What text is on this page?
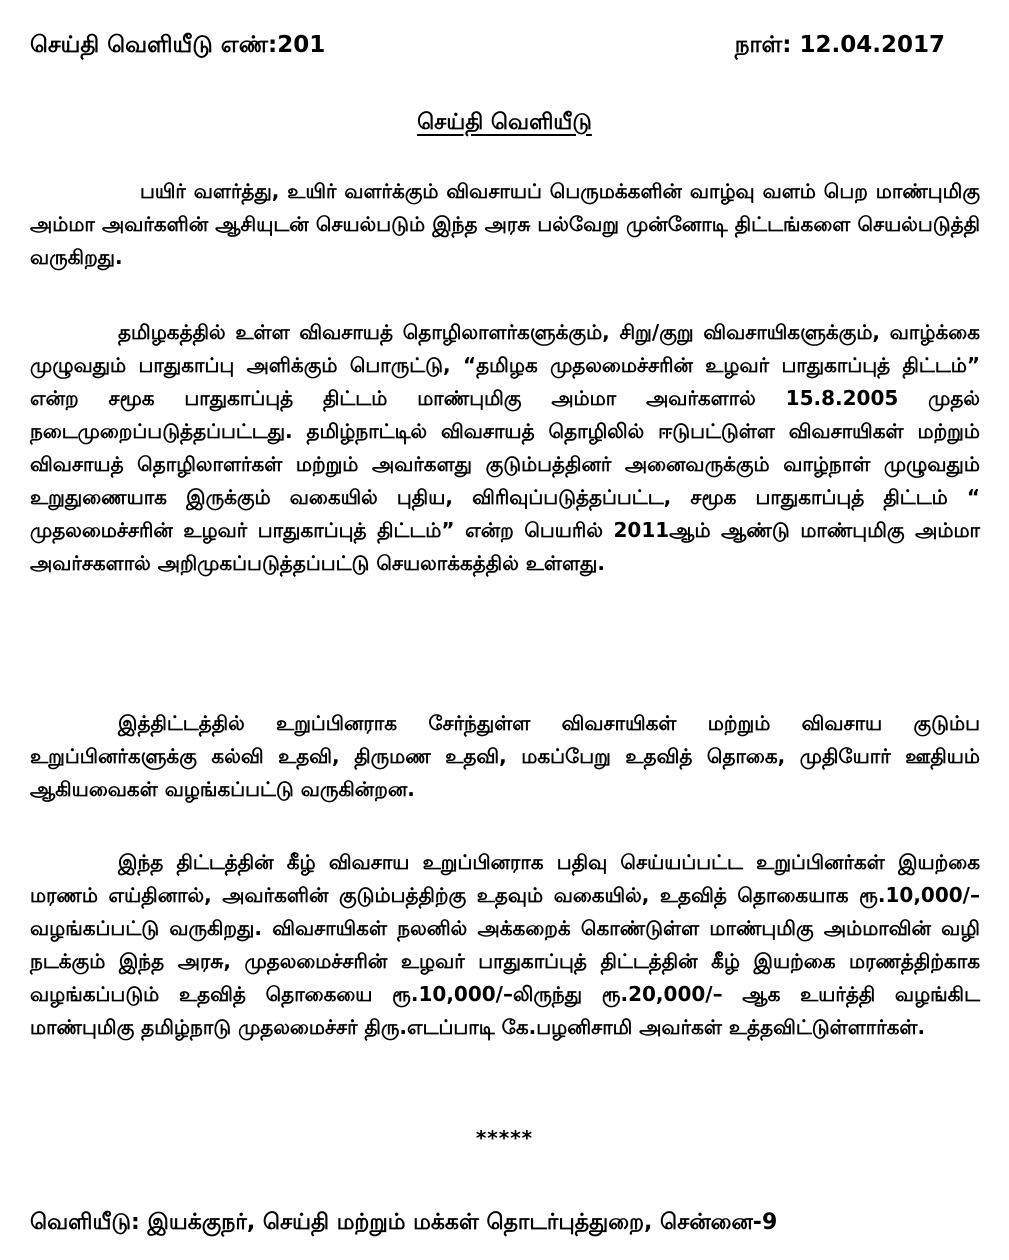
செய்தி வெளியீடு எண்:201	நாள்: 12.04.2017
செய்தி வெளியீடு

பயிர் வளர்த்து, உயிர் வளர்க்கும் விவசாயப் பெருமக்களின் வாழ்வு வளம் பெற மாண்புமிகு அம்மா அவர்களின் ஆசியுடன் செயல்படும் இந்த அரசு பல்வேறு முன்னோடி திட்டங்களை செயல்படுத்தி வருகிறது.

தமிழகத்தில் உள்ள விவசாயத் தொழிலாளர்களுக்கும், சிறு/குறு விவசாயிகளுக்கும், வாழ்க்கை முழுவதும் பாதுகாப்பு அளிக்கும் பொருட்டு, “தமிழக முதலமைச்சரின் உழவர் பாதுகாப்புத் திட்டம்” என்ற சமூக பாதுகாப்புத் திட்டம் மாண்புமிகு அம்மா அவர்களால் 15.8.2005 முதல் நடைமுறைப்படுத்தப்பட்டது. தமிழ்நாட்டில் விவசாயத் தொழிலில் ஈடுபட்டுள்ள விவசாயிகள் மற்றும் விவசாயத் தொழிலாளர்கள் மற்றும் அவர்களது குடும்பத்தினர் அனைவருக்கும் வாழ்நாள் முழுவதும் உறுதுணையாக இருக்கும் வகையில் புதிய, விரிவுப்படுத்தப்பட்ட, சமூக பாதுகாப்புத் திட்டம் “ முதலமைச்சரின் உழவர் பாதுகாப்புத் திட்டம்” என்ற பெயரில் 2011ஆம் ஆண்டு மாண்புமிகு அம்மா அவர்சகளால் அறிமுகப்படுத்தப்பட்டு செயலாக்கத்தில் உள்ளது.

இத்திட்டத்தில் உறுப்பினராக சேர்ந்துள்ள விவசாயிகள் மற்றும் விவசாய குடும்ப உறுப்பினர்களுக்கு கல்வி உதவி, திருமண உதவி, மகப்பேறு உதவித் தொகை, முதியோர் ஊதியம் ஆகியவைகள் வழங்கப்பட்டு வருகின்றன.

இந்த திட்டத்தின் கீழ் விவசாய உறுப்பினராக பதிவு செய்யப்பட்ட உறுப்பினர்கள் இயற்கை மரணம் எய்தினால், அவர்களின் குடும்பத்திற்கு உதவும் வகையில், உதவித் தொகையாக ரூ.10,000/– வழங்கப்பட்டு வருகிறது. விவசாயிகள் நலனில் அக்கறைக் கொண்டுள்ள மாண்புமிகு அம்மாவின் வழி நடக்கும் இந்த அரசு, முதலமைச்சரின் உழவர் பாதுகாப்புத் திட்டத்தின் கீழ் இயற்கை மரணத்திற்காக வழங்கப்படும் உதவித் தொகையை ரூ.10,000/–லிருந்து ரூ.20,000/– ஆக உயர்த்தி வழங்கிட மாண்புமிகு தமிழ்நாடு முதலமைச்சர் திரு.எடப்பாடி கே.பழனிசாமி அவர்கள் உத்தவிட்டுள்ளார்கள்.

*****
வெளியீடு: இயக்குநர், செய்தி மற்றும் மக்கள் தொடர்புத்துறை, சென்னை-9
